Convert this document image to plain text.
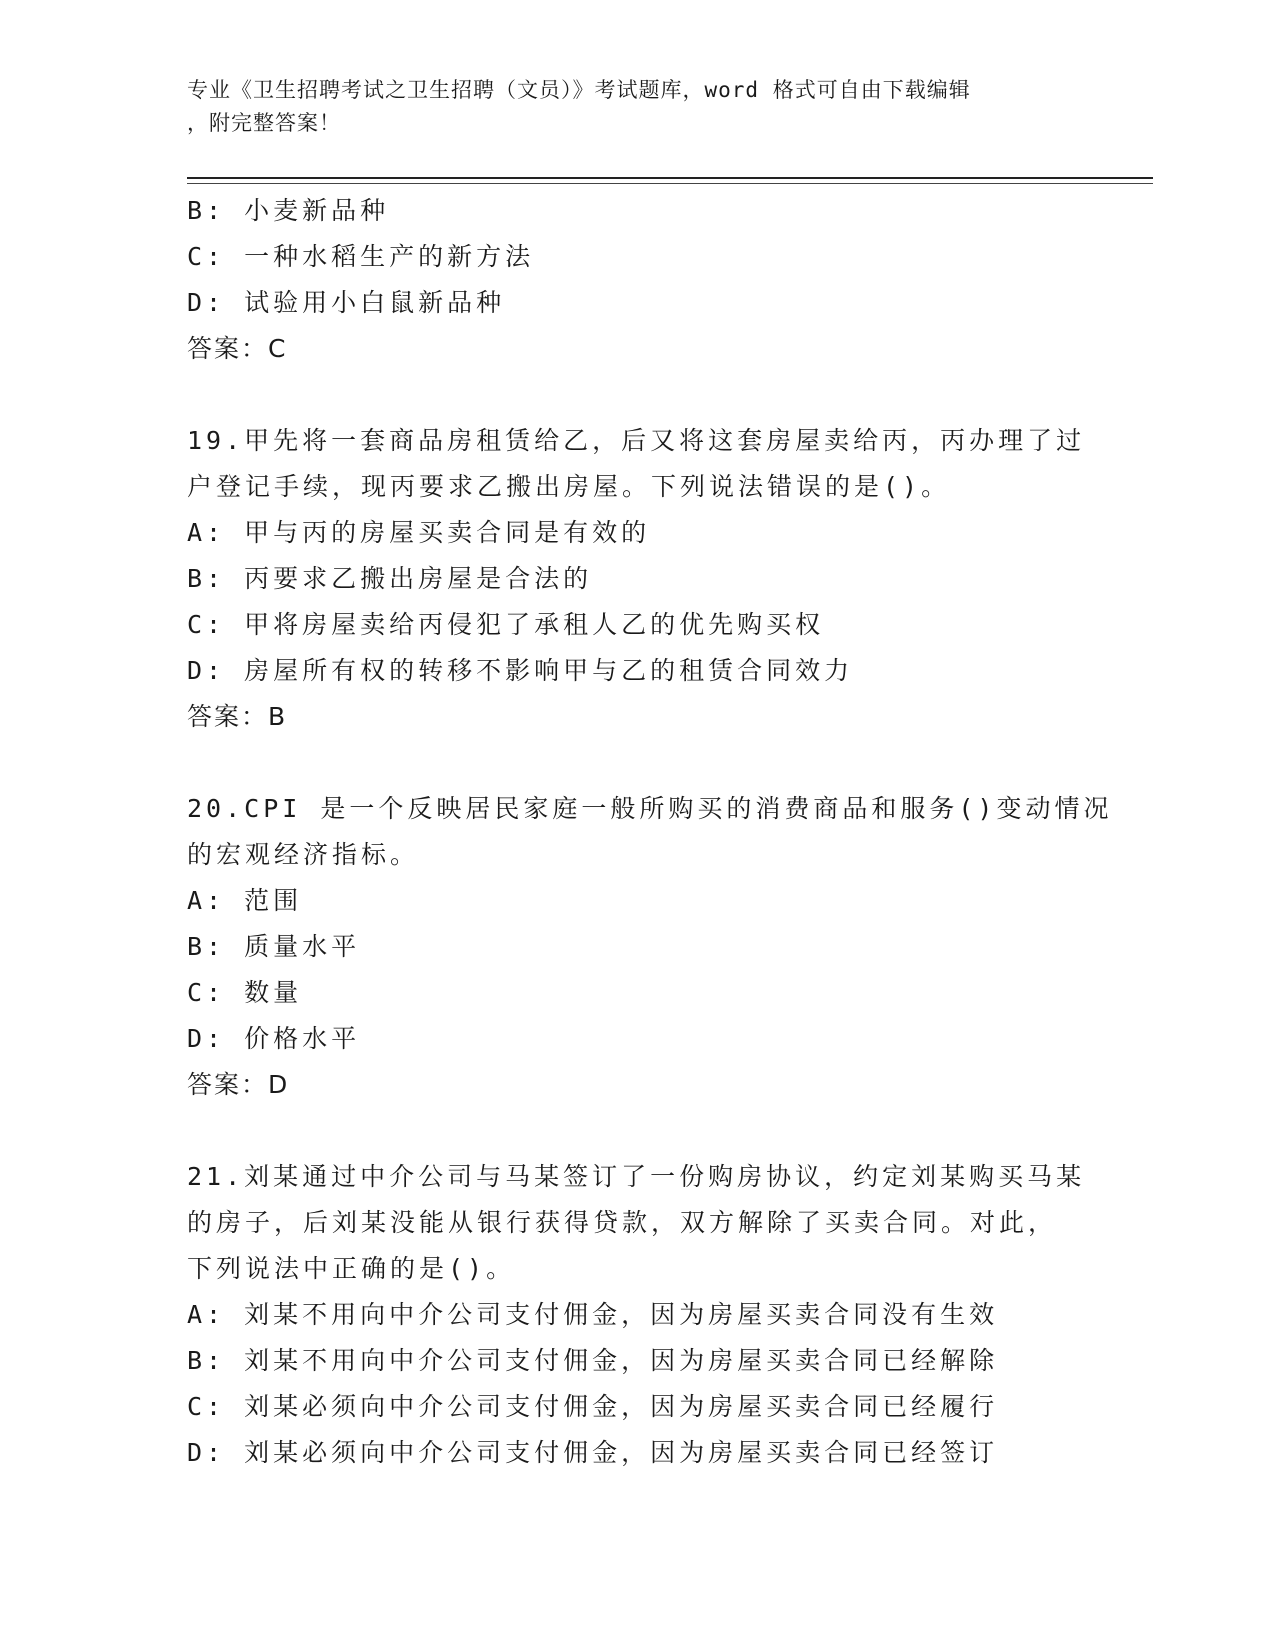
专业《卫生招聘考试之卫生招聘（文员）》考试题库，word 格式可自由下载编辑
，附完整答案！
B: 小麦新品种
C: 一种水稻生产的新方法
D: 试验用小白鼠新品种
答案：C
19.甲先将一套商品房租赁给乙，后又将这套房屋卖给丙，丙办理了过
户登记手续，现丙要求乙搬出房屋。下列说法错误的是()。
A: 甲与丙的房屋买卖合同是有效的
B: 丙要求乙搬出房屋是合法的
C: 甲将房屋卖给丙侵犯了承租人乙的优先购买权
D: 房屋所有权的转移不影响甲与乙的租赁合同效力
答案：B
20.CPI 是一个反映居民家庭一般所购买的消费商品和服务()变动情况
的宏观经济指标。
A: 范围
B: 质量水平
C: 数量
D: 价格水平
答案：D
21.刘某通过中介公司与马某签订了一份购房协议，约定刘某购买马某
的房子，后刘某没能从银行获得贷款，双方解除了买卖合同。对此，
下列说法中正确的是()。
A: 刘某不用向中介公司支付佣金，因为房屋买卖合同没有生效
B: 刘某不用向中介公司支付佣金，因为房屋买卖合同已经解除
C: 刘某必须向中介公司支付佣金，因为房屋买卖合同已经履行
D: 刘某必须向中介公司支付佣金，因为房屋买卖合同已经签订
